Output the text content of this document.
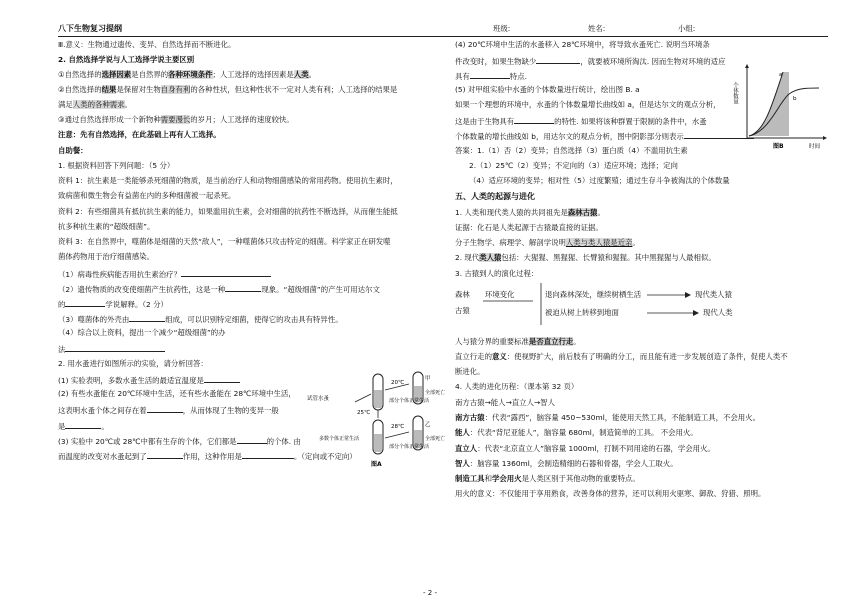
八下生物复习提纲	班级:	姓名:	小组:
Ⅲ.意义：生物通过遗传、变异、自然选择而不断进化。
2. 自然选择学说与人工选择学说主要区别
①自然选择的选择因素是自然界的各种环境条件；人工选择的选择因素是人类。
②自然选择的结果是保留对生物自身有利的各种性状，但这种性状不一定对人类有利；人工选择的结果是
满足人类的各种需求。
③通过自然选择形成一个新物种需要漫长的岁月；人工选择的速度较快。
注意：先有自然选择，在此基础上再有人工选择。
自助餐：
1. 根据资料回答下列问题：（5 分）
资料 1：抗生素是一类能够杀死细菌的物质，是当前治疗人和动物细菌感染的常用药物。使用抗生素时，
致病菌和微生物会有益菌在内的多种细菌被一起杀死。
资料 2：有些细菌具有抵抗抗生素的能力，如果滥用抗生素，会对细菌的抗药性不断选择，从而催生能抵
抗多种抗生素的“超级细菌”。
资料 3：在自然界中，噬菌体是细菌的天然“敌人”，一种噬菌体只攻击特定的细菌。科学家正在研发噬
菌体药物用于治疗细菌感染。
（1）病毒性疾病能否用抗生素治疗？
（2）遗传物质的改变使细菌产生抗药性，这是一种	现象。“超级细菌”的产生可用达尔文
的	学说解释。（2 分）
（3）噬菌体的外壳由	组成，可以识别特定细菌，使得它的攻击具有特异性。
（4）综合以上资料，提出一个减少“超级细菌”的办
法
2. 用水蚤进行如图所示的实验，请分析回答：
(1) 实验表明，多数水蚤生活的最适宜温度是
(2) 有些水蚤能在 20℃环境中生活，还有些水蚤能在 28℃环境中生活，
这表明水蚤个体之间存在着	，从而体现了生物的变异一般
是	。
(3) 实验中 20℃或 28℃中都有生存的个体，它们都是	的个体. 由
而温度的改变对水蚤起到了	作用，这种作用是	。（定向或不定向）
试管水蚤
25℃
20℃
28℃
甲
乙
多数个体正常生活
部分个体正常生活
全部死亡
部分个体正常生活
全部死亡
图A
(4) 20℃环境中生活的水蚤移入 28℃环境中，将导致水蚤死亡. 说明当环境条
件改变时，如果生物缺少	，就要被环境所淘汰. 因而生物对环境的适应
具有	特点.
(5) 对甲组实验中水蚤的个体数量进行统计，绘出图 B. a
如果一个理想的环境中，水蚤的个体数量增长曲线如 a，但是达尔文的观点分析，
这是由于生物具有	的特性. 如果将该种群置于限制的条件中，水蚤
个体数量的增长曲线如 b，用达尔文的观点分析，图中阴影部分则表示
答案：1.（1）否（2）变异；自然选择（3）蛋白质（4）不滥用抗生素
2.（1）25℃（2）变异；不定向的（3）适应环境；选择；定向
（4）适应环境的变异；相对性（5）过度繁殖；通过生存斗争被淘汰的个体数量
五、人类的起源与进化
1. 人类和现代类人猿的共同祖先是森林古猿。
证据：化石是人类起源于古猿最直接的证据。
分子生物学、病理学、解剖学说明人类与类人猿是近亲。
2. 现代类人猿包括：大猩猩、黑猩猩、长臂猿和猩猩。其中黑猩猩与人最相似。
3. 古猿到人的演化过程：
森林
古猿
环境变化	退向森林深处，继续树栖生活
被迫从树上转移到地面
现代类人猿
现代人类
人与猿分界的重要标准是否直立行走。
直立行走的意义：使视野扩大，前后肢有了明确的分工，而且能有进一步发展创造了条件，促使人类不
断进化。
4. 人类的进化历程：（课本第 32 页）
南方古猿→能人→直立人→智人
南方古猿：代表“露西”，脑容量 450~530ml，能使用天然工具，不能制造工具，不会用火。
能人：代表“背尼亚能人”，脑容量 680ml，制造简单的工具。 不会用火。
直立人：代表“北京直立人”脑容量 1000ml，打制不同用途的石器，学会用火。
智人：脑容量 1360ml，会制造精细的石器和骨器，学会人工取火。
制造工具和学会用火是人类区别于其他动物的重要特点。
用火的意义：不仅能用于享用熟食，改善身体的营养，还可以利用火驱寒、御敌、狩猎、照明。
个体数量
a
b
图B	时间
- 2 -
